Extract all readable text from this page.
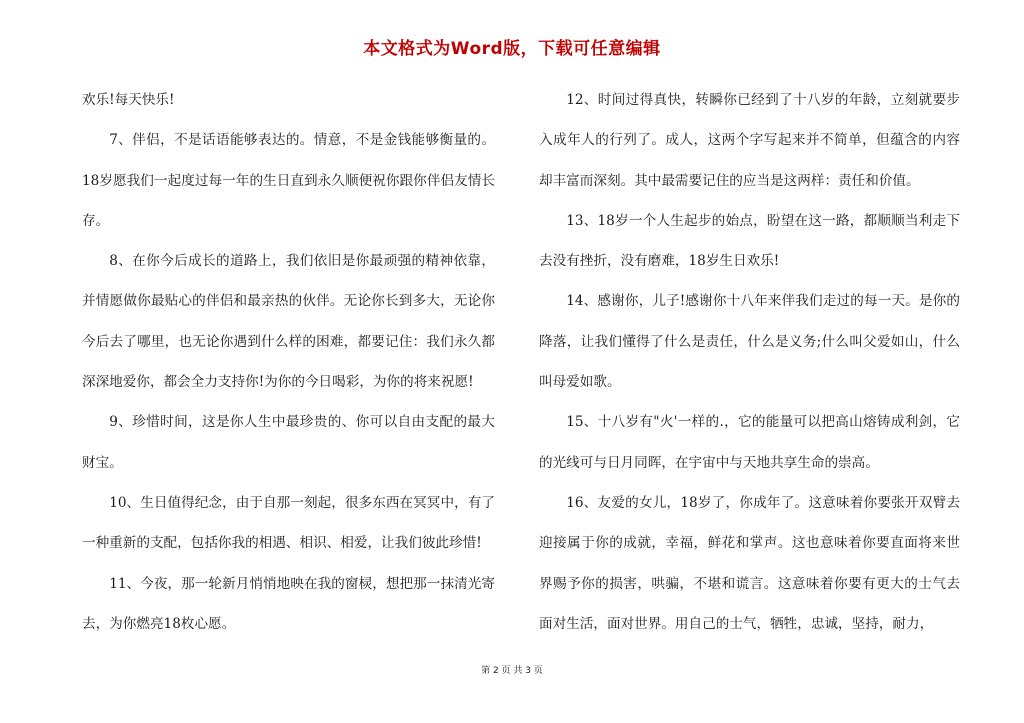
本文格式为Word版，下载可任意编辑

欢乐!每天快乐!

7、伴侣，不是话语能够表达的。情意，不是金钱能够衡量的。18岁愿我们一起度过每一年的生日直到永久顺便祝你跟你伴侣友情长存。

8、在你今后成长的道路上，我们依旧是你最顽强的精神依靠，并情愿做你最贴心的伴侣和最亲热的伙伴。无论你长到多大，无论你今后去了哪里，也无论你遇到什么样的困难，都要记住：我们永久都深深地爱你，都会全力支持你!为你的今日喝彩，为你的将来祝愿!

9、珍惜时间，这是你人生中最珍贵的、你可以自由支配的最大财宝。

10、生日值得纪念，由于自那一刻起，很多东西在冥冥中，有了一种重新的支配，包括你我的相遇、相识、相爱，让我们彼此珍惜!

11、今夜，那一轮新月悄悄地映在我的窗棂，想把那一抹清光寄去，为你燃亮18枚心愿。

12、时间过得真快，转瞬你已经到了十八岁的年龄，立刻就要步入成年人的行列了。成人，这两个字写起来并不简单，但蕴含的内容却丰富而深刻。其中最需要记住的应当是这两样：责任和价值。

13、18岁一个人生起步的始点，盼望在这一路，都顺顺当利走下去没有挫折，没有磨难，18岁生日欢乐!

14、感谢你，儿子!感谢你十八年来伴我们走过的每一天。是你的降落，让我们懂得了什么是责任，什么是义务;什么叫父爱如山，什么叫母爱如歌。

15、十八岁有"火'一样的.，它的能量可以把高山熔铸成利剑，它的光线可与日月同晖，在宇宙中与天地共享生命的崇高。

16、友爱的女儿，18岁了，你成年了。这意味着你要张开双臂去迎接属于你的成就，幸福，鲜花和掌声。这也意味着你要直面将来世界赐予你的损害，哄骗，不堪和谎言。这意味着你要有更大的士气去面对生活，面对世界。用自己的士气，牺牲，忠诚，坚持，耐力，

第 2 页 共 3 页
